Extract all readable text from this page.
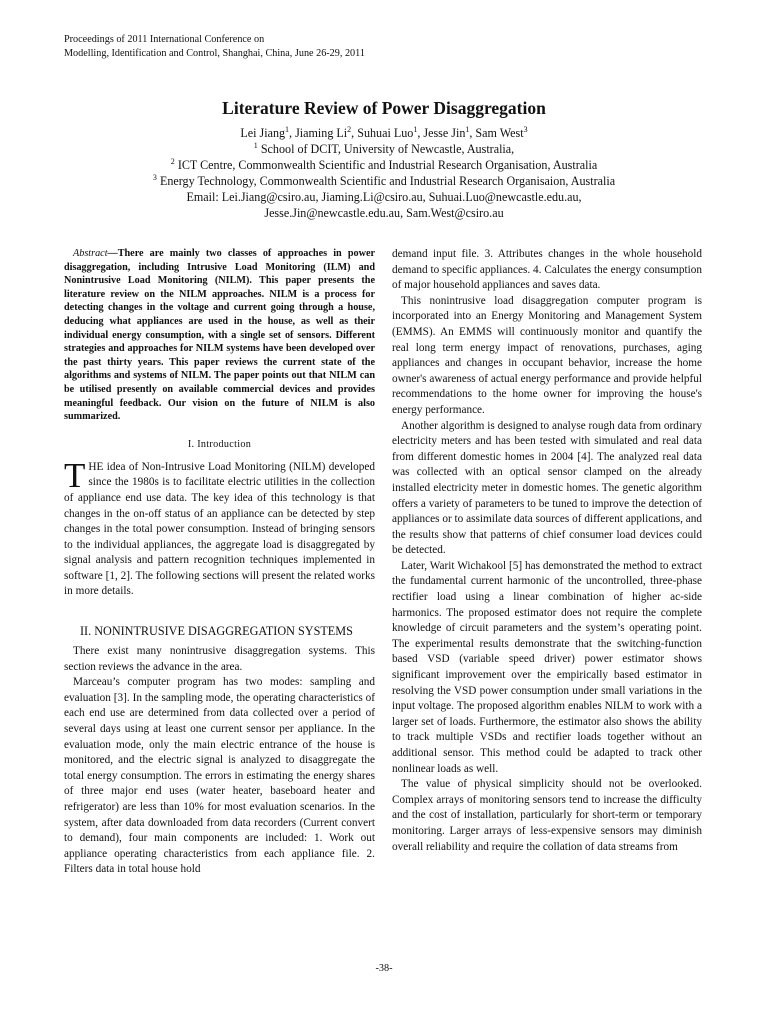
Proceedings of 2011 International Conference on
Modelling, Identification and Control, Shanghai, China, June 26-29, 2011
Literature Review of Power Disaggregation
Lei Jiang$^1$, Jiaming Li$^2$, Suhuai Luo$^1$, Jesse Jin$^1$, Sam West$^3$
$^1$ School of DCIT, University of Newcastle, Australia,
$^2$ ICT Centre, Commonwealth Scientific and Industrial Research Organisation, Australia
$^3$ Energy Technology, Commonwealth Scientific and Industrial Research Organisaion, Australia
Email: Lei.Jiang@csiro.au, Jiaming.Li@csiro.au, Suhuai.Luo@newcastle.edu.au,
Jesse.Jin@newcastle.edu.au, Sam.West@csiro.au

Abstract—There are mainly two classes of approaches in power disaggregation, including Intrusive Load Monitoring (ILM) and Nonintrusive Load Monitoring (NILM). This paper presents the literature review on the NILM approaches. NILM is a process for detecting changes in the voltage and current going through a house, deducing what appliances are used in the house, as well as their individual energy consumption, with a single set of sensors. Different strategies and approaches for NILM systems have been developed over the past thirty years. This paper reviews the current state of the algorithms and systems of NILM. The paper points out that NILM can be utilised presently on available commercial devices and provides meaningful feedback. Our vision on the future of NILM is also summarized.

I. Introduction

THE idea of Non-Intrusive Load Monitoring (NILM) developed since the 1980s is to facilitate electric utilities in the collection of appliance end use data. The key idea of this technology is that changes in the on-off status of an appliance can be detected by step changes in the total power consumption. Instead of bringing sensors to the individual appliances, the aggregate load is disaggregated by signal analysis and pattern recognition techniques implemented in software [1, 2]. The following sections will present the related works in more details.

II. NONINTRUSIVE DISAGGREGATION SYSTEMS

There exist many nonintrusive disaggregation systems. This section reviews the advance in the area.

Marceau’s computer program has two modes: sampling and evaluation [3]. In the sampling mode, the operating characteristics of each end use are determined from data collected over a period of several days using at least one current sensor per appliance. In the evaluation mode, only the main electric entrance of the house is monitored, and the electric signal is analyzed to disaggregate the total energy consumption. The errors in estimating the energy shares of three major end uses (water heater, baseboard heater and refrigerator) are less than 10% for most evaluation scenarios. In the system, after data downloaded from data recorders (Current convert to demand), four main components are included: 1. Work out appliance operating characteristics from each appliance file. 2. Filters data in total house hold

demand input file. 3. Attributes changes in the whole household demand to specific appliances. 4. Calculates the energy consumption of major household appliances and saves data.

This nonintrusive load disaggregation computer program is incorporated into an Energy Monitoring and Management System (EMMS). An EMMS will continuously monitor and quantify the real long term energy impact of renovations, purchases, aging appliances and changes in occupant behavior, increase the home owner's awareness of actual energy performance and provide helpful recommendations to the home owner for improving the house's energy performance.

Another algorithm is designed to analyse rough data from ordinary electricity meters and has been tested with simulated and real data from different domestic homes in 2004 [4]. The analyzed real data was collected with an optical sensor clamped on the already installed electricity meter in domestic homes. The genetic algorithm offers a variety of parameters to be tuned to improve the detection of appliances or to assimilate data sources of different applications, and the results show that patterns of chief consumer load devices could be detected.

Later, Warit Wichakool [5] has demonstrated the method to extract the fundamental current harmonic of the uncontrolled, three-phase rectifier load using a linear combination of higher ac-side harmonics. The proposed estimator does not require the complete knowledge of circuit parameters and the system’s operating point. The experimental results demonstrate that the switching-function based VSD (variable speed driver) power estimator shows significant improvement over the empirically based estimator in resolving the VSD power consumption under small variations in the input voltage. The proposed algorithm enables NILM to work with a larger set of loads. Furthermore, the estimator also shows the ability to track multiple VSDs and rectifier loads together without an additional sensor. This method could be adapted to track other nonlinear loads as well.

The value of physical simplicity should not be overlooked. Complex arrays of monitoring sensors tend to increase the difficulty and the cost of installation, particularly for short-term or temporary monitoring. Larger arrays of less-expensive sensors may diminish overall reliability and require the collation of data streams from

-38-
